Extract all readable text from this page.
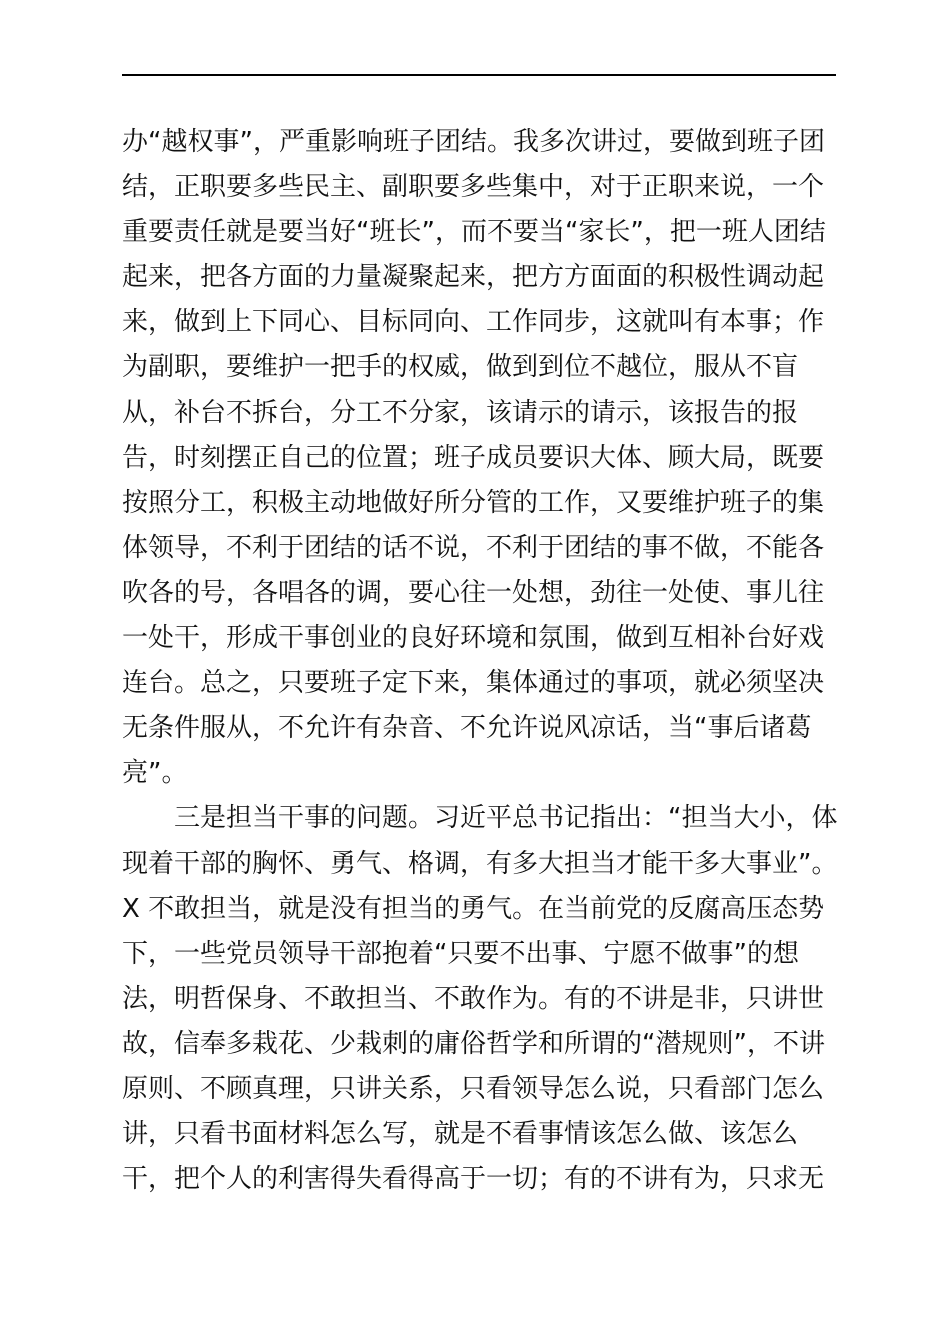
办“越权事”，严重影响班子团结。我多次讲过，要做到班子团
结，正职要多些民主、副职要多些集中，对于正职来说，一个
重要责任就是要当好“班长”，而不要当“家长”，把一班人团结
起来，把各方面的力量凝聚起来，把方方面面的积极性调动起
来，做到上下同心、目标同向、工作同步，这就叫有本事；作
为副职，要维护一把手的权威，做到到位不越位，服从不盲
从，补台不拆台，分工不分家，该请示的请示，该报告的报
告，时刻摆正自己的位置；班子成员要识大体、顾大局，既要
按照分工，积极主动地做好所分管的工作，又要维护班子的集
体领导，不利于团结的话不说，不利于团结的事不做，不能各
吹各的号，各唱各的调，要心往一处想，劲往一处使、事儿往
一处干，形成干事创业的良好环境和氛围，做到互相补台好戏
连台。总之，只要班子定下来，集体通过的事项，就必须坚决
无条件服从，不允许有杂音、不允许说风凉话，当“事后诸葛
亮”。
三是担当干事的问题。习近平总书记指出：“担当大小，体
现着干部的胸怀、勇气、格调，有多大担当才能干多大事业”。
X 不敢担当，就是没有担当的勇气。在当前党的反腐高压态势
下，一些党员领导干部抱着“只要不出事、宁愿不做事”的想
法，明哲保身、不敢担当、不敢作为。有的不讲是非，只讲世
故，信奉多栽花、少栽刺的庸俗哲学和所谓的“潜规则”，不讲
原则、不顾真理，只讲关系，只看领导怎么说，只看部门怎么
讲，只看书面材料怎么写，就是不看事情该怎么做、该怎么
干，把个人的利害得失看得高于一切；有的不讲有为，只求无
